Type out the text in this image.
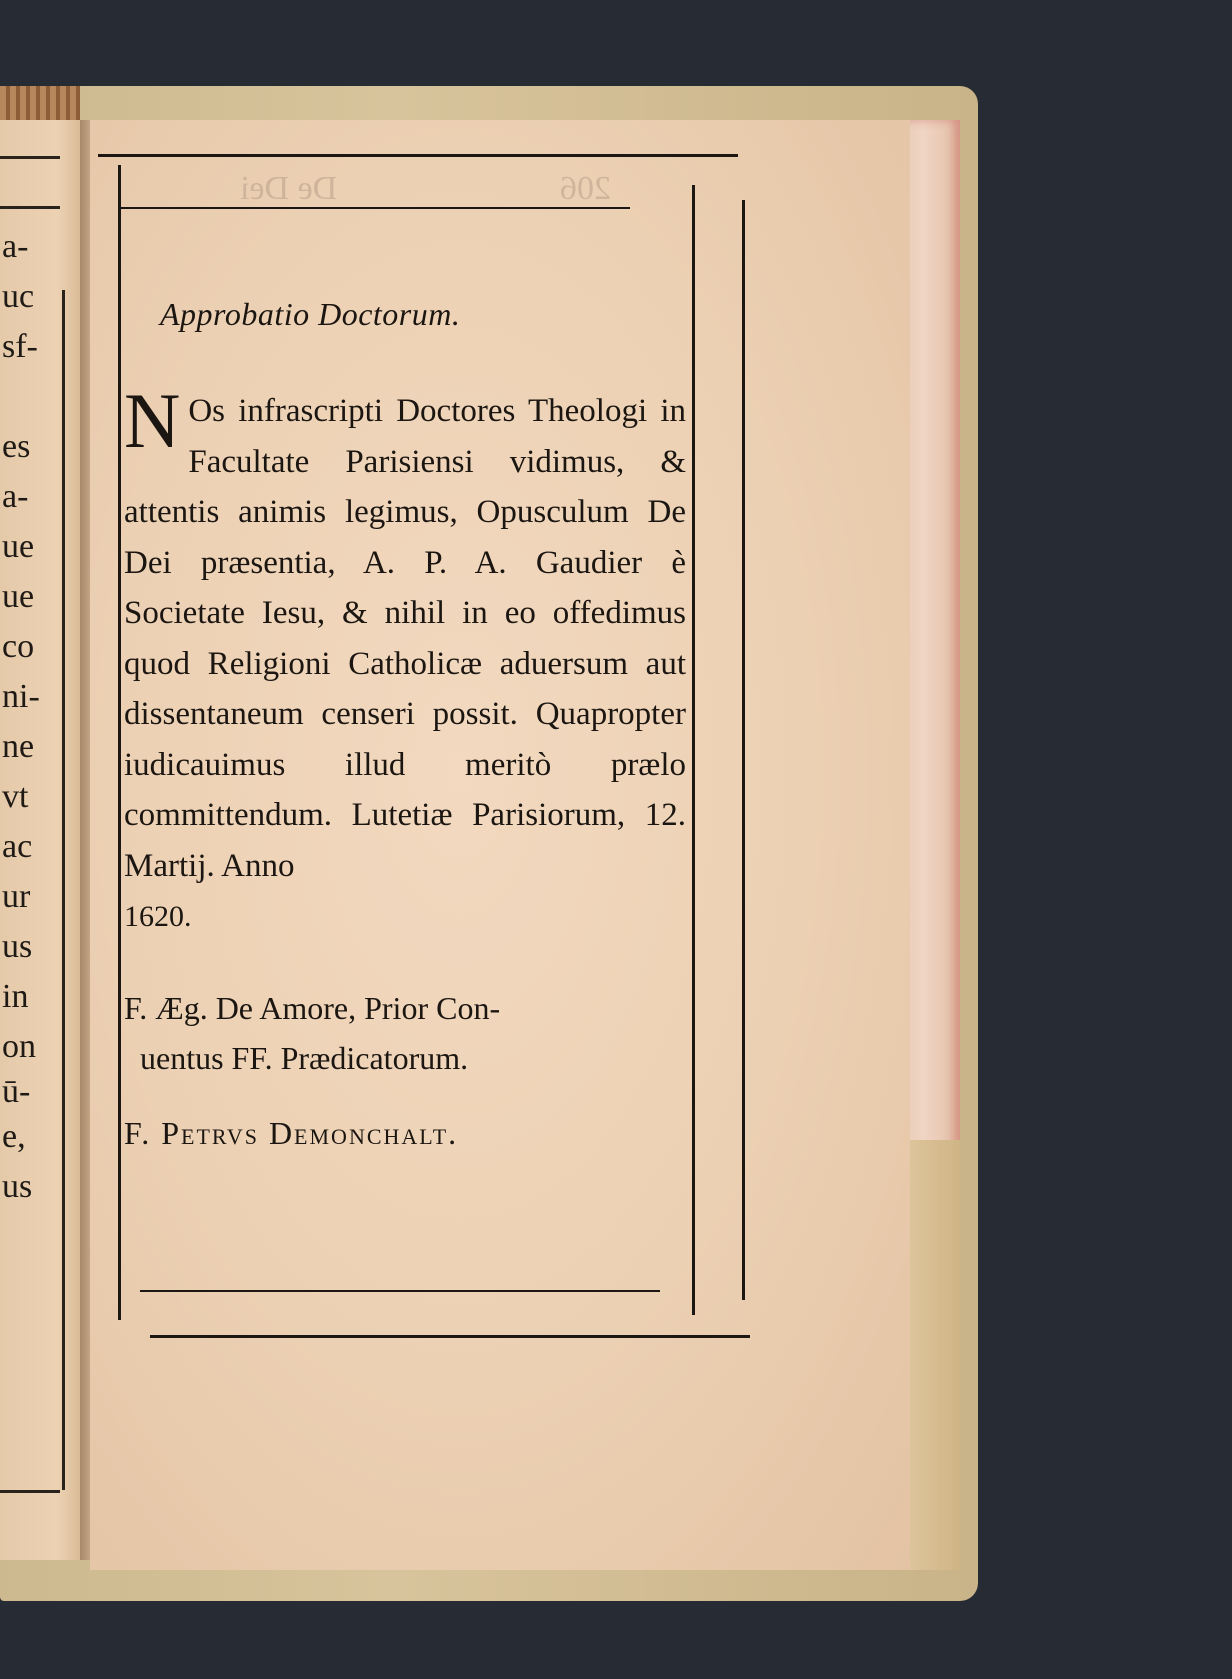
a-
uc
sf-
es
a-
ue
ue
co
ni-
ne
vt
ac
ur
us
in
on
ū-
e,
us
De Dei	206
Approbatio Doctorum.
N Os infrascripti Doctores Theologi in Facultate Parisiensi vidimus, & attentis animis legimus, Opusculum De Dei præsentia, A. P. A. Gaudier è Societate Iesu, & nihil in eo offedimus quod Religioni Catholicæ aduersum aut dissentaneum censeri possit. Quapropter iudicauimus illud meritò prælo committendum. Lutetiæ Parisiorum, 12. Martij. Anno
1620.
F. Æg. De Amore, Prior Con-
uentus FF. Prædicatorum.
F. Petrvs Demonchalt.
